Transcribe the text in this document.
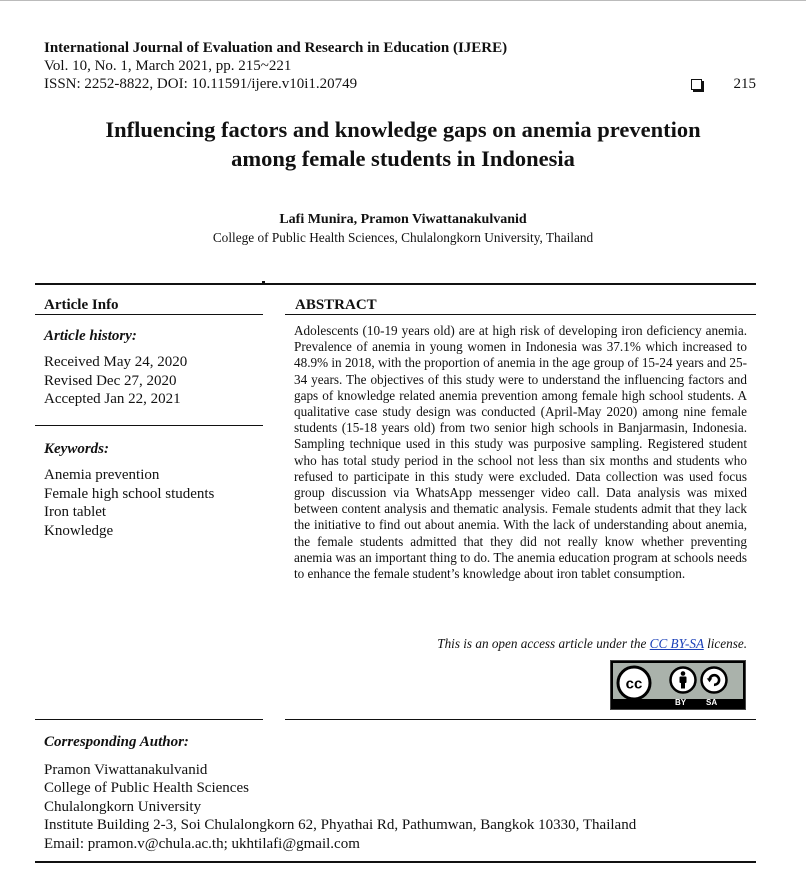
International Journal of Evaluation and Research in Education (IJERE)
Vol. 10, No. 1, March 2021, pp. 215~221
ISSN: 2252-8822, DOI: 10.11591/ijere.v10i1.20749	215
Influencing factors and knowledge gaps on anemia prevention
among female students in Indonesia
Lafi Munira, Pramon Viwattanakulvanid
College of Public Health Sciences, Chulalongkorn University, Thailand
Article Info	ABSTRACT
Article history:
Received May 24, 2020
Revised Dec 27, 2020
Accepted Jan 22, 2021
Keywords:
Anemia prevention
Female high school students
Iron tablet
Knowledge

Adolescents (10-19 years old) are at high risk of developing iron deficiency anemia. Prevalence of anemia in young women in Indonesia was 37.1% which increased to 48.9% in 2018, with the proportion of anemia in the age group of 15-24 years and 25-34 years. The objectives of this study were to understand the influencing factors and gaps of knowledge related anemia prevention among female high school students. A qualitative case study design was conducted (April-May 2020) among nine female students (15-18 years old) from two senior high schools in Banjarmasin, Indonesia. Sampling technique used in this study was purposive sampling. Registered student who has total study period in the school not less than six months and students who refused to participate in this study were excluded. Data collection was used focus group discussion via WhatsApp messenger video call. Data analysis was mixed between content analysis and thematic analysis. Female students admit that they lack the initiative to find out about anemia. With the lack of understanding about anemia, the female students admitted that they did not really know whether preventing anemia was an important thing to do. The anemia education program at schools needs to enhance the female student’s knowledge about iron tablet consumption.

This is an open access article under the CC BY-SA license.
cc
BY SA
Corresponding Author:
Pramon Viwattanakulvanid
College of Public Health Sciences
Chulalongkorn University
Institute Building 2-3, Soi Chulalongkorn 62, Phyathai Rd, Pathumwan, Bangkok 10330, Thailand
Email: pramon.v@chula.ac.th; ukhtilafi@gmail.com
